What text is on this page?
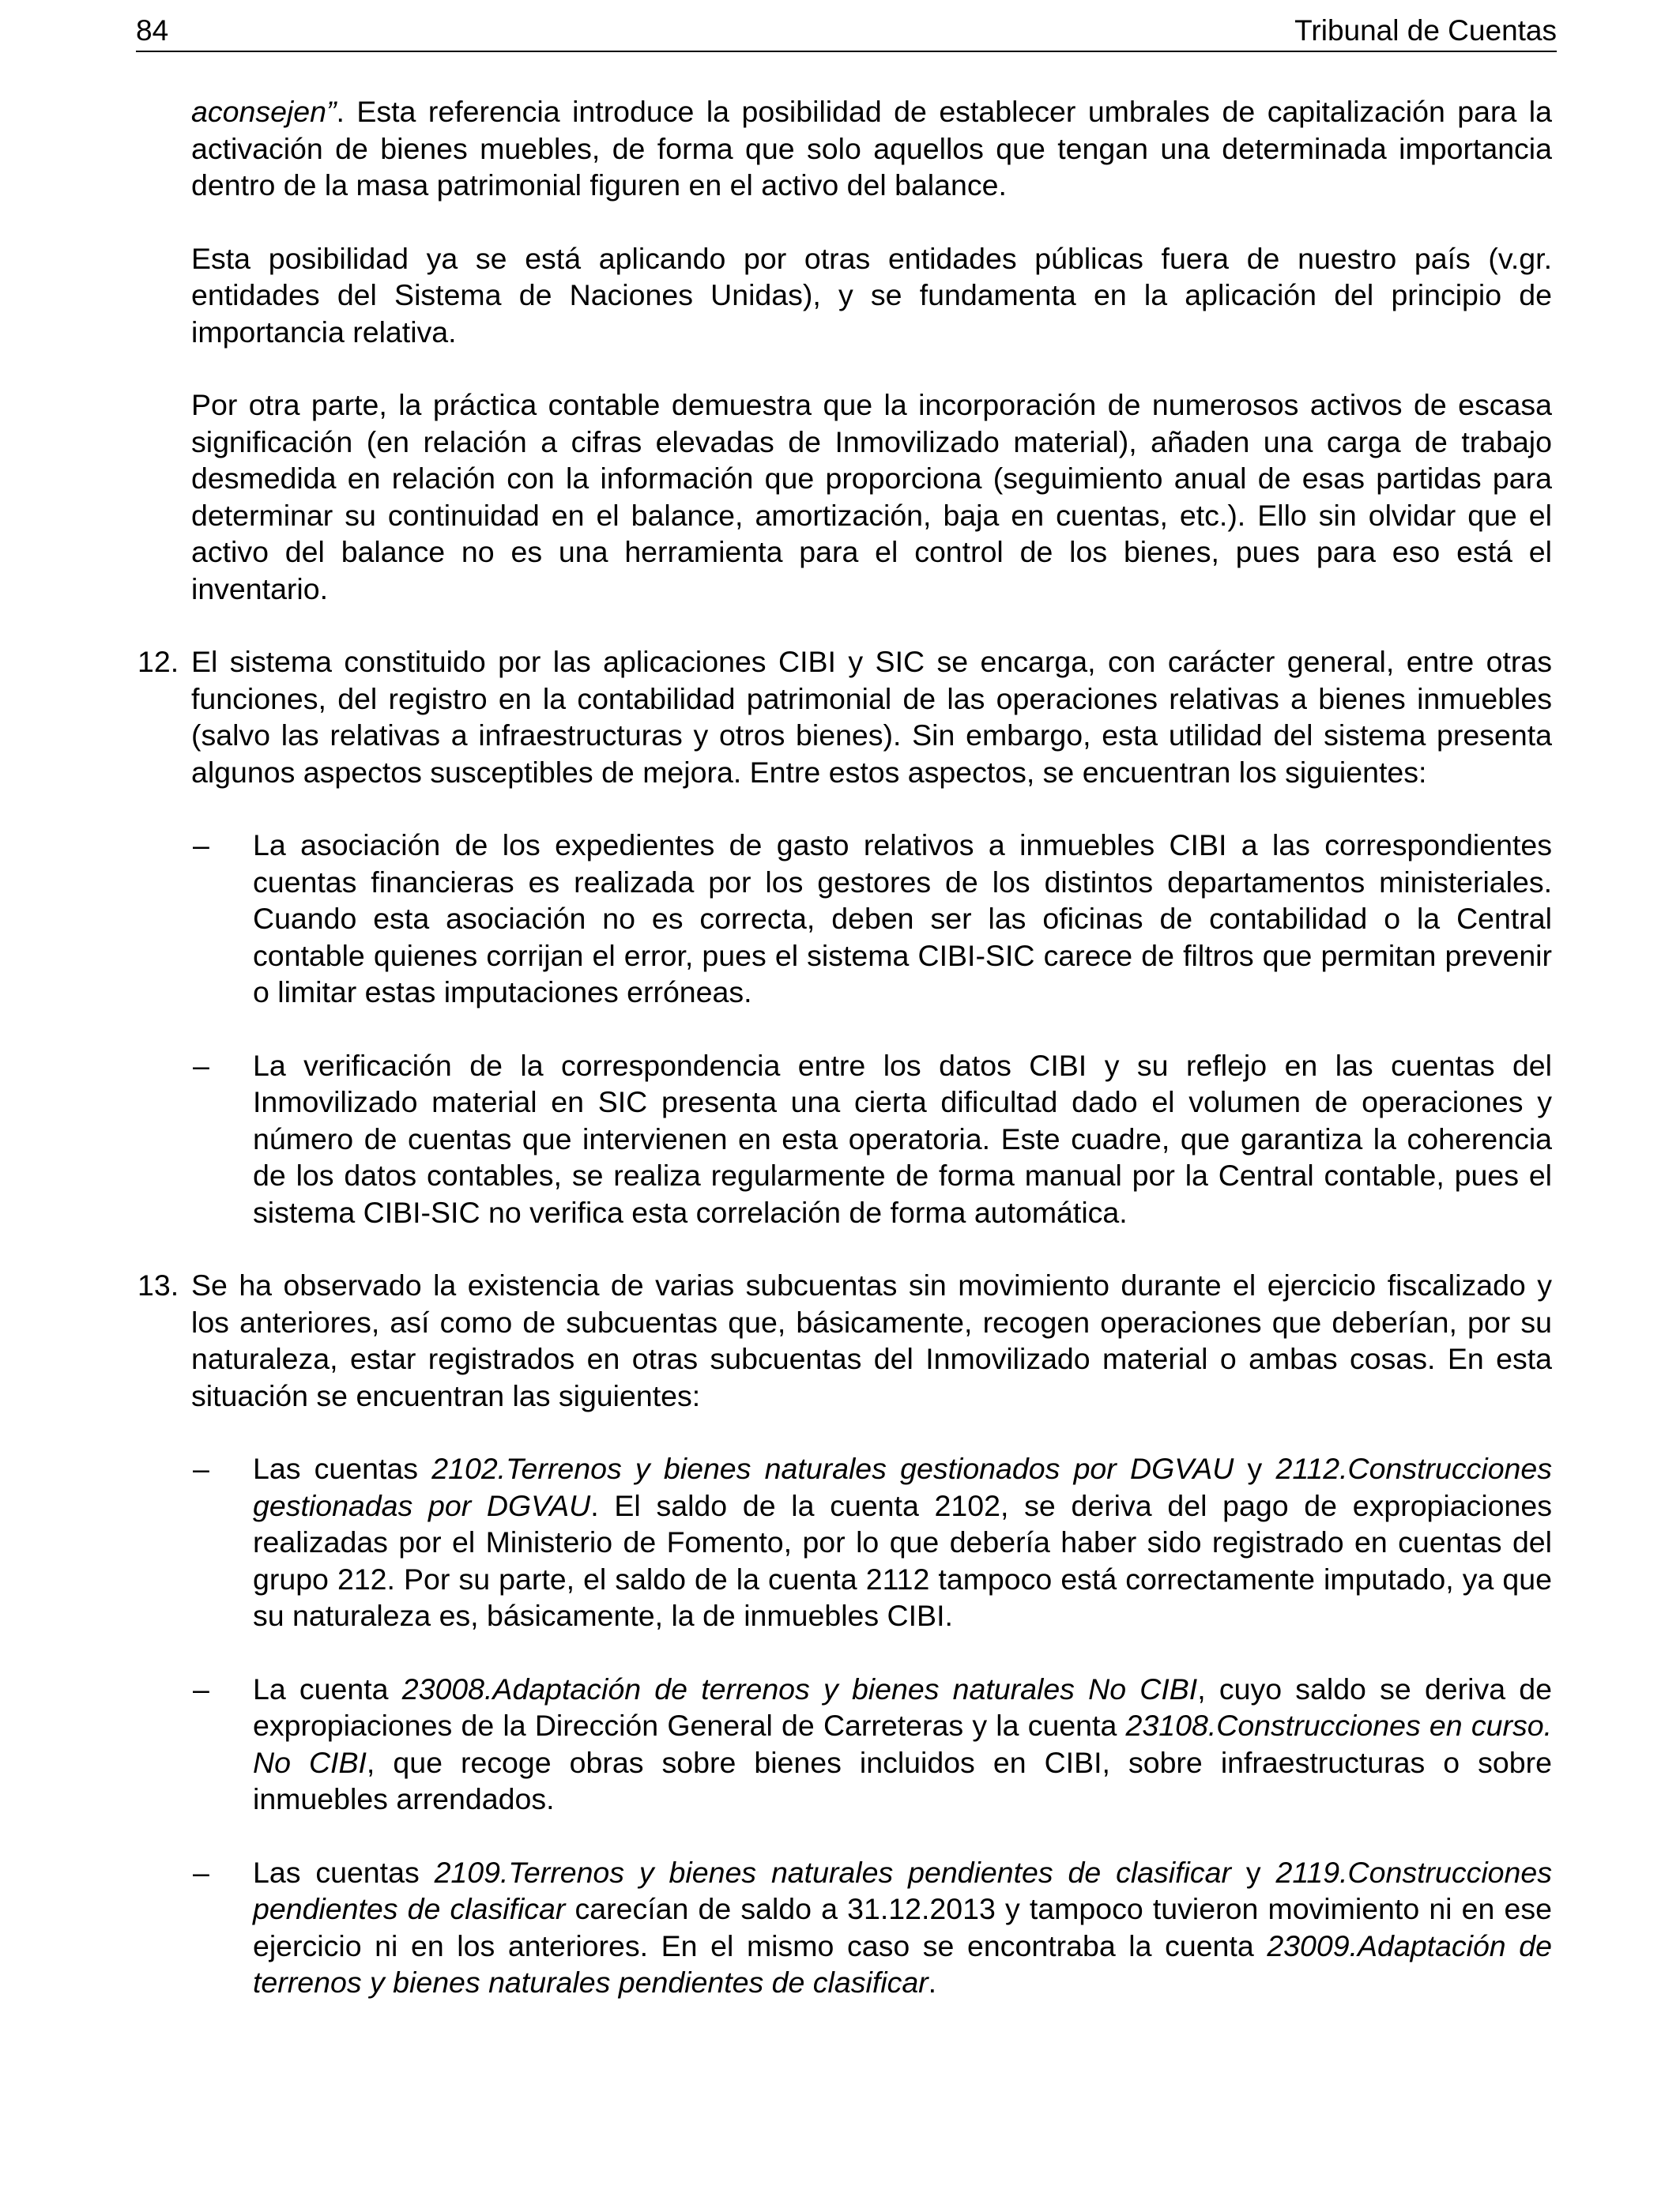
84	Tribunal de Cuentas

aconsejen”. Esta referencia introduce la posibilidad de establecer umbrales de capitalización para la activación de bienes muebles, de forma que solo aquellos que tengan una determinada importancia dentro de la masa patrimonial figuren en el activo del balance.

Esta posibilidad ya se está aplicando por otras entidades públicas fuera de nuestro país (v.gr. entidades del Sistema de Naciones Unidas), y se fundamenta en la aplicación del principio de importancia relativa.

Por otra parte, la práctica contable demuestra que la incorporación de numerosos activos de escasa significación (en relación a cifras elevadas de Inmovilizado material), añaden una carga de trabajo desmedida en relación con la información que proporciona (seguimiento anual de esas partidas para determinar su continuidad en el balance, amortización, baja en cuentas, etc.). Ello sin olvidar que el activo del balance no es una herramienta para el control de los bienes, pues para eso está el inventario.

12. El sistema constituido por las aplicaciones CIBI y SIC se encarga, con carácter general, entre otras funciones, del registro en la contabilidad patrimonial de las operaciones relativas a bienes inmuebles (salvo las relativas a infraestructuras y otros bienes). Sin embargo, esta utilidad del sistema presenta algunos aspectos susceptibles de mejora. Entre estos aspectos, se encuentran los siguientes:

– La asociación de los expedientes de gasto relativos a inmuebles CIBI a las correspondientes cuentas financieras es realizada por los gestores de los distintos departamentos ministeriales. Cuando esta asociación no es correcta, deben ser las oficinas de contabilidad o la Central contable quienes corrijan el error, pues el sistema CIBI-SIC carece de filtros que permitan prevenir o limitar estas imputaciones erróneas.

– La verificación de la correspondencia entre los datos CIBI y su reflejo en las cuentas del Inmovilizado material en SIC presenta una cierta dificultad dado el volumen de operaciones y número de cuentas que intervienen en esta operatoria. Este cuadre, que garantiza la coherencia de los datos contables, se realiza regularmente de forma manual por la Central contable, pues el sistema CIBI-SIC no verifica esta correlación de forma automática.

13. Se ha observado la existencia de varias subcuentas sin movimiento durante el ejercicio fiscalizado y los anteriores, así como de subcuentas que, básicamente, recogen operaciones que deberían, por su naturaleza, estar registrados en otras subcuentas del Inmovilizado material o ambas cosas. En esta situación se encuentran las siguientes:

– Las cuentas 2102.Terrenos y bienes naturales gestionados por DGVAU y 2112.Construcciones gestionadas por DGVAU. El saldo de la cuenta 2102, se deriva del pago de expropiaciones realizadas por el Ministerio de Fomento, por lo que debería haber sido registrado en cuentas del grupo 212. Por su parte, el saldo de la cuenta 2112 tampoco está correctamente imputado, ya que su naturaleza es, básicamente, la de inmuebles CIBI.

– La cuenta 23008.Adaptación de terrenos y bienes naturales No CIBI, cuyo saldo se deriva de expropiaciones de la Dirección General de Carreteras y la cuenta 23108.Construcciones en curso. No CIBI, que recoge obras sobre bienes incluidos en CIBI, sobre infraestructuras o sobre inmuebles arrendados.

– Las cuentas 2109.Terrenos y bienes naturales pendientes de clasificar y 2119.Construcciones pendientes de clasificar carecían de saldo a 31.12.2013 y tampoco tuvieron movimiento ni en ese ejercicio ni en los anteriores. En el mismo caso se encontraba la cuenta 23009.Adaptación de terrenos y bienes naturales pendientes de clasificar.
